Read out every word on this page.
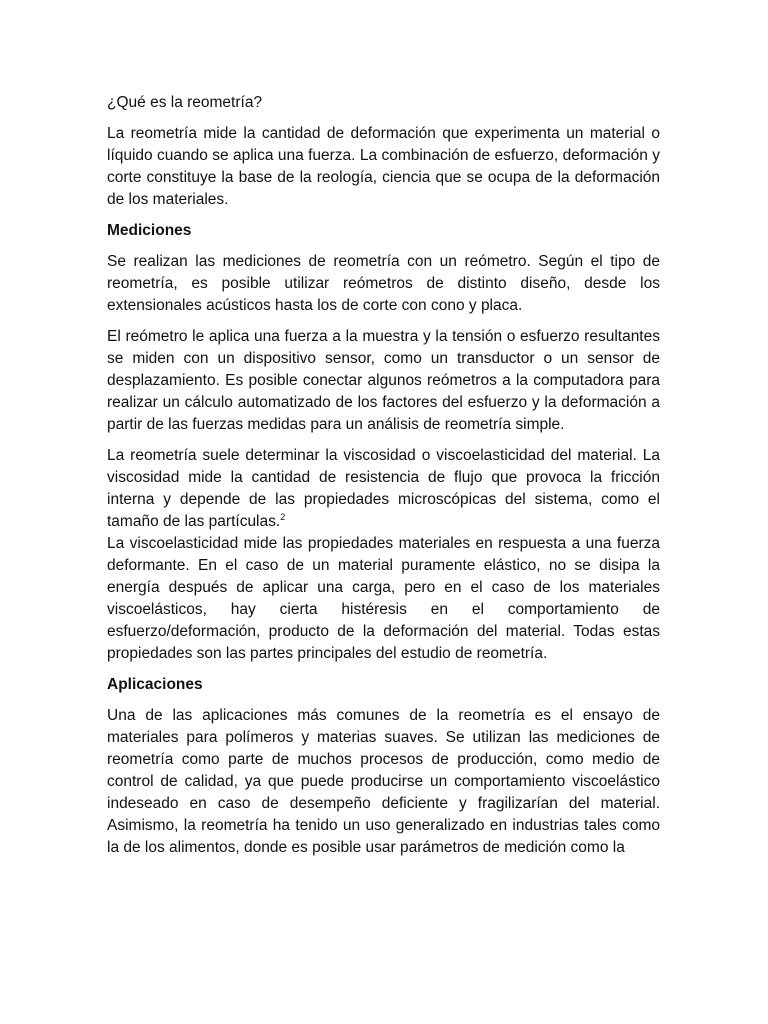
¿Qué es la reometría?

La reometría mide la cantidad de deformación que experimenta un material o líquido cuando se aplica una fuerza. La combinación de esfuerzo, deformación y corte constituye la base de la reología, ciencia que se ocupa de la deformación de los materiales.

Mediciones

Se realizan las mediciones de reometría con un reómetro. Según el tipo de reometría, es posible utilizar reómetros de distinto diseño, desde los extensionales acústicos hasta los de corte con cono y placa.

El reómetro le aplica una fuerza a la muestra y la tensión o esfuerzo resultantes se miden con un dispositivo sensor, como un transductor o un sensor de desplazamiento. Es posible conectar algunos reómetros a la computadora para realizar un cálculo automatizado de los factores del esfuerzo y la deformación a partir de las fuerzas medidas para un análisis de reometría simple.

La reometría suele determinar la viscosidad o viscoelasticidad del material. La viscosidad mide la cantidad de resistencia de flujo que provoca la fricción interna y depende de las propiedades microscópicas del sistema, como el tamaño de las partículas.$^2$

La viscoelasticidad mide las propiedades materiales en respuesta a una fuerza deformante. En el caso de un material puramente elástico, no se disipa la energía después de aplicar una carga, pero en el caso de los materiales viscoelásticos, hay cierta histéresis en el comportamiento de esfuerzo/deformación, producto de la deformación del material. Todas estas propiedades son las partes principales del estudio de reometría.

Aplicaciones

Una de las aplicaciones más comunes de la reometría es el ensayo de materiales para polímeros y materias suaves. Se utilizan las mediciones de reometría como parte de muchos procesos de producción, como medio de control de calidad, ya que puede producirse un comportamiento viscoelástico indeseado en caso de desempeño deficiente y fragilizarían del material. Asimismo, la reometría ha tenido un uso generalizado en industrias tales como la de los alimentos, donde es posible usar parámetros de medición como la
